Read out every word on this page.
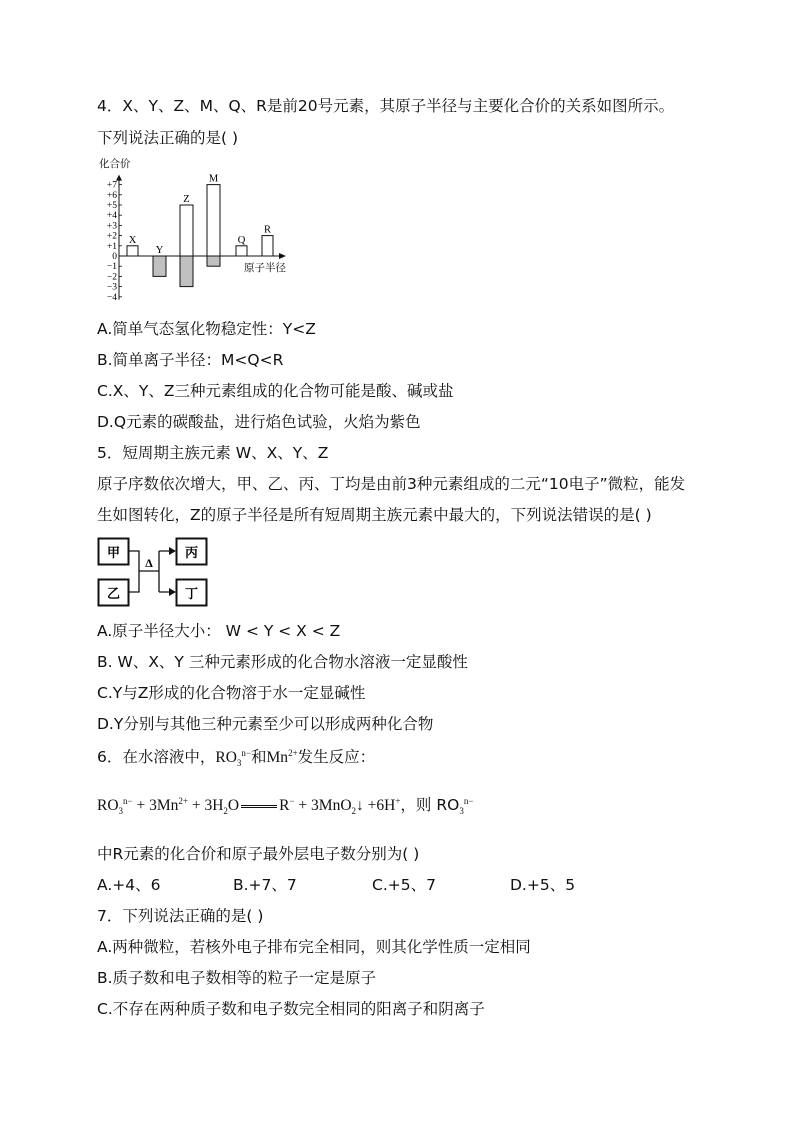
4．X、Y、Z、M、Q、R是前20号元素，其原子半径与主要化合价的关系如图所示。
下列说法正确的是( )
化合价
+7
+6
+5
+4
+3
+2
+1
0
−1
−2
−3
−4
原子半径
X
Y
Z
M
Q
R
A.简单气态氢化物稳定性：Y<Z
B.简单离子半径：M<Q<R
C.X、Y、Z三种元素组成的化合物可能是酸、碱或盐
D.Q元素的碳酸盐，进行焰色试验，火焰为紫色
5．短周期主族元素 W、X、Y、Z
原子序数依次增大，甲、乙、丙、丁均是由前3种元素组成的二元“10电子”微粒，能发
生如图转化，Z的原子半径是所有短周期主族元素中最大的，下列说法错误的是( )
甲
乙
丙
丁
Δ
A.原子半径大小： W < Y < X < Z
B. W、X、Y 三种元素形成的化合物水溶液一定显酸性
C.Y与Z形成的化合物溶于水一定显碱性
D.Y分别与其他三种元素至少可以形成两种化合物
6．在水溶液中，$RO_3^{n-}$和$Mn^{2+}$发生反应：
$RO_3^{n-} + 3Mn^{2+} + 3H_2O$	R− + 3MnO$_2$↓ +6H+，则 $RO_3^{n-}$
中R元素的化合价和原子最外层电子数分别为( )
A.+4、6	B.+7、7	C.+5、7	D.+5、5
7．下列说法正确的是( )
A.两种微粒，若核外电子排布完全相同，则其化学性质一定相同
B.质子数和电子数相等的粒子一定是原子
C.不存在两种质子数和电子数完全相同的阳离子和阴离子
